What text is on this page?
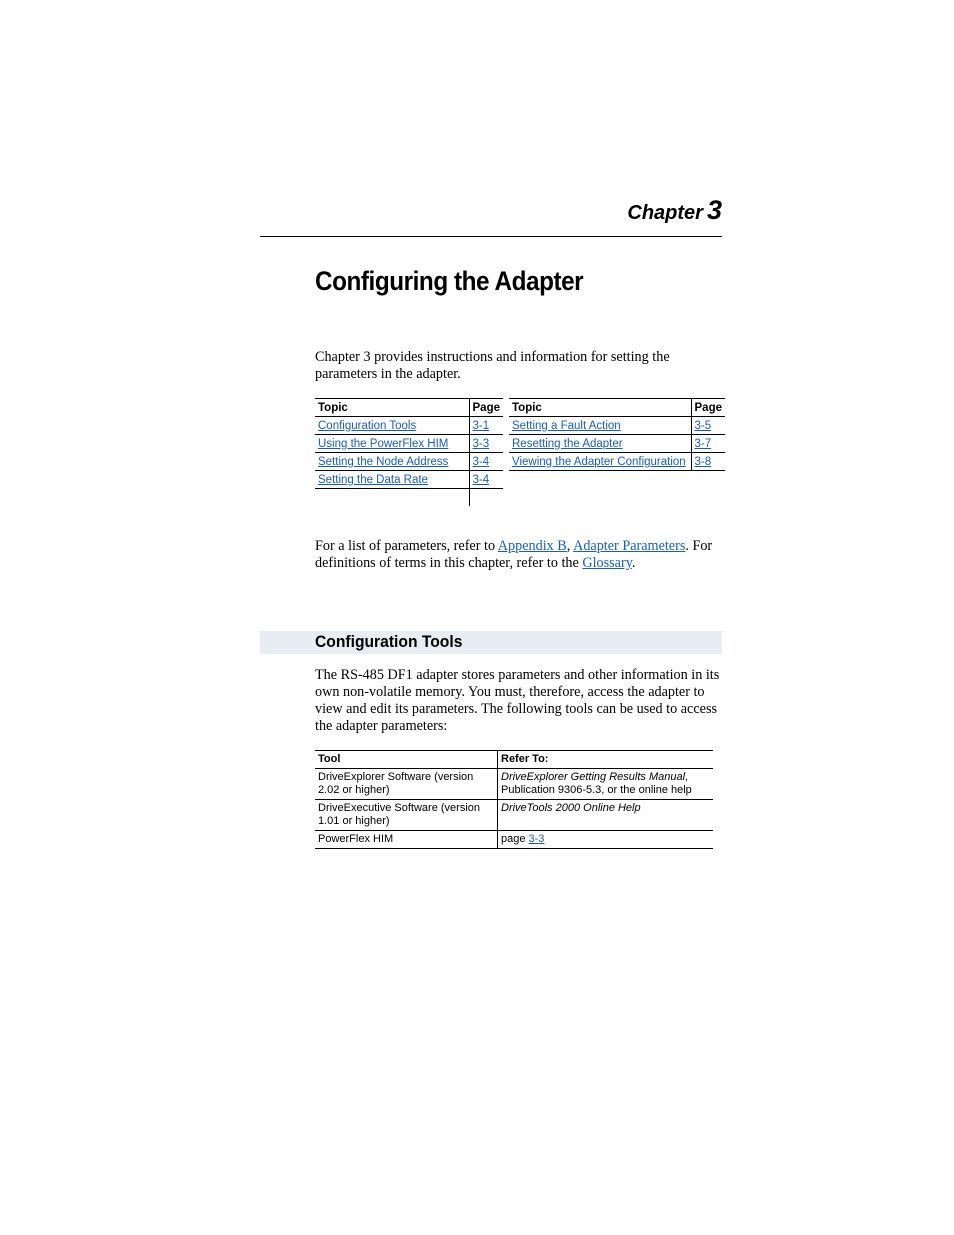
Chapter 3
Configuring the Adapter

Chapter 3 provides instructions and information for setting the parameters in the adapter.

Topic	Page
Configuration Tools	3-1
Using the PowerFlex HIM	3-3
Setting the Node Address	3-4
Setting the Data Rate	3-4

Topic	Page
Setting a Fault Action	3-5
Resetting the Adapter	3-7
Viewing the Adapter Configuration	3-8

For a list of parameters, refer to Appendix B, Adapter Parameters. For definitions of terms in this chapter, refer to the Glossary.

Configuration Tools

The RS-485 DF1 adapter stores parameters and other information in its own non-volatile memory. You must, therefore, access the adapter to view and edit its parameters. The following tools can be used to access the adapter parameters:

Tool	Refer To:
DriveExplorer Software (version 2.02 or higher)	DriveExplorer Getting Results Manual, Publication 9306-5.3, or the online help
DriveExecutive Software (version 1.01 or higher)	DriveTools 2000 Online Help
PowerFlex HIM	page 3-3
